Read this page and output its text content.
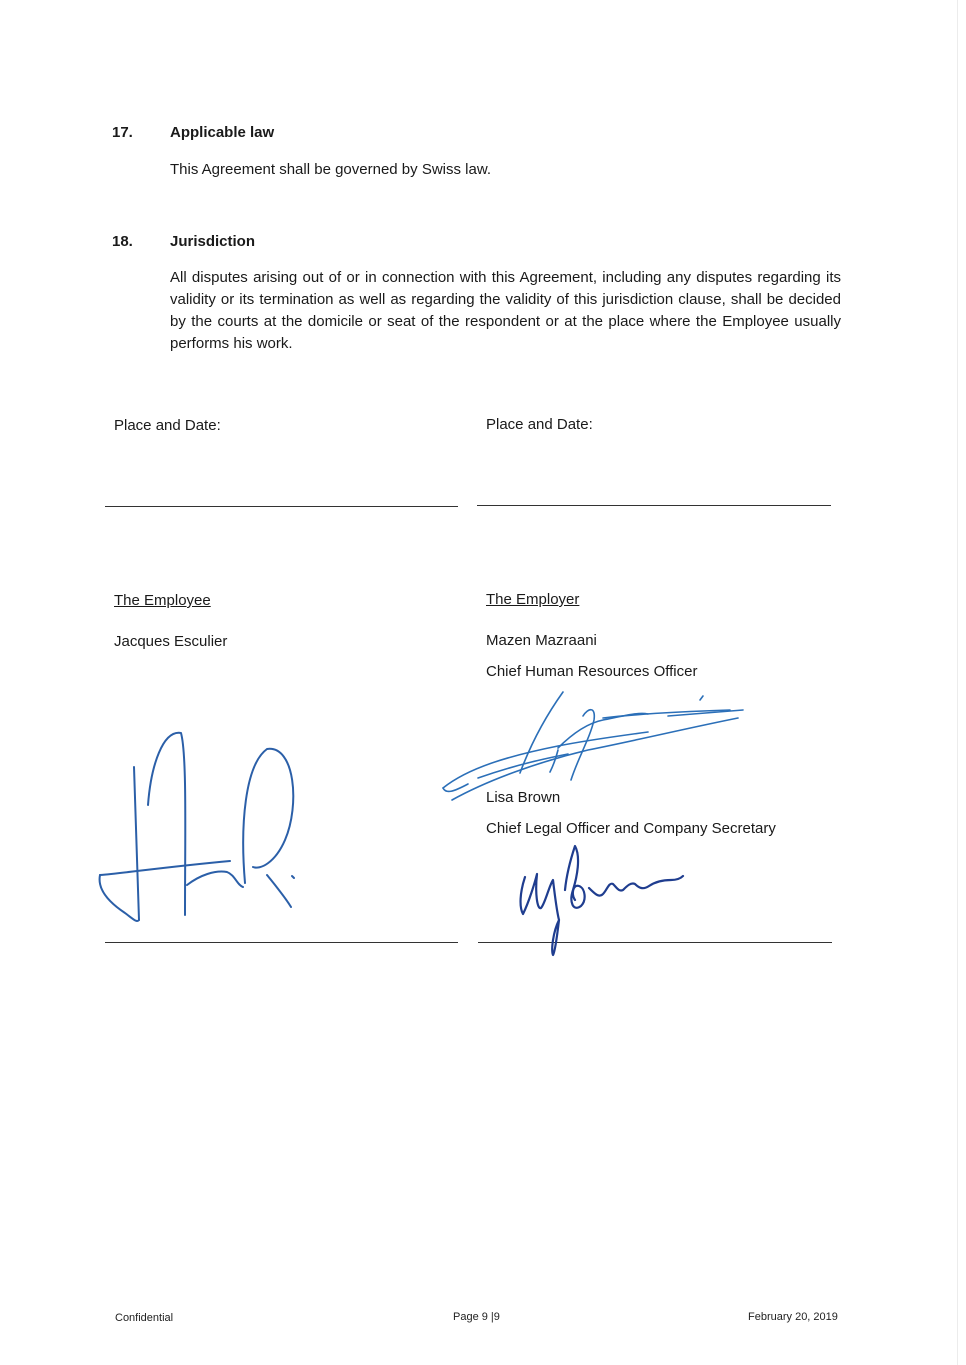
17. Applicable law
This Agreement shall be governed by Swiss law.
18. Jurisdiction
All disputes arising out of or in connection with this Agreement, including any disputes regarding its validity or its termination as well as regarding the validity of this jurisdiction clause, shall be decided by the courts at the domicile or seat of the respondent or at the place where the Employee usually performs his work.
Place and Date:	Place and Date:
The Employee	The Employer
Jacques Esculier	Mazen Mazraani
Chief Human Resources Officer
Lisa Brown
Chief Legal Officer and Company Secretary
Confidential	Page 9 |9	February 20, 2019
